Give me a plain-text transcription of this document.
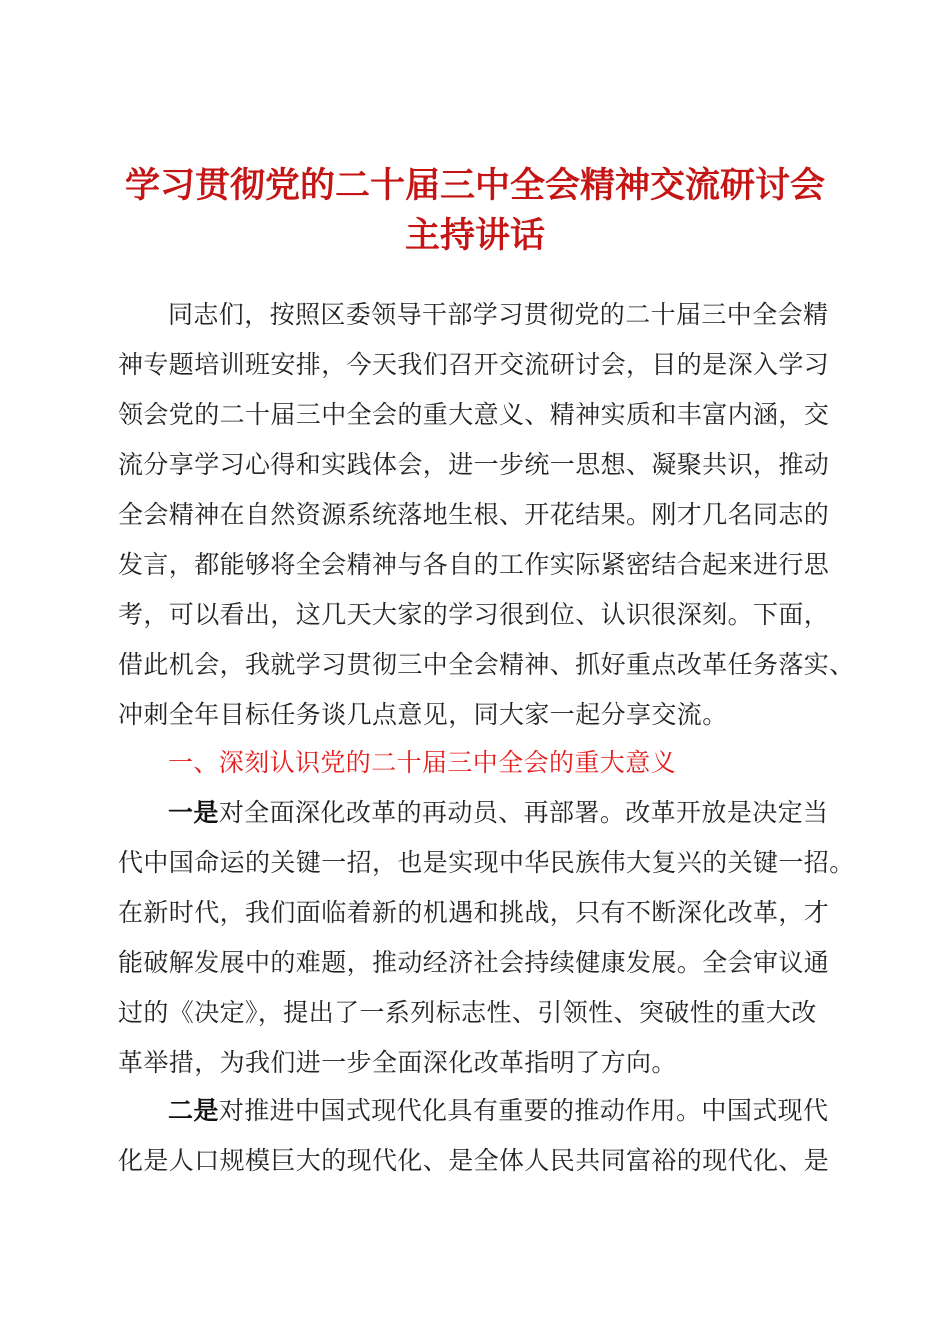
学习贯彻党的二十届三中全会精神交流研讨会
主持讲话
同志们，按照区委领导干部学习贯彻党的二十届三中全会精
神专题培训班安排，今天我们召开交流研讨会，目的是深入学习
领会党的二十届三中全会的重大意义、精神实质和丰富内涵，交
流分享学习心得和实践体会，进一步统一思想、凝聚共识，推动
全会精神在自然资源系统落地生根、开花结果。刚才几名同志的
发言，都能够将全会精神与各自的工作实际紧密结合起来进行思
考，可以看出，这几天大家的学习很到位、认识很深刻。下面，
借此机会，我就学习贯彻三中全会精神、抓好重点改革任务落实、
冲刺全年目标任务谈几点意见，同大家一起分享交流。
一、深刻认识党的二十届三中全会的重大意义
一是对全面深化改革的再动员、再部署。改革开放是决定当
代中国命运的关键一招，也是实现中华民族伟大复兴的关键一招。
在新时代，我们面临着新的机遇和挑战，只有不断深化改革，才
能破解发展中的难题，推动经济社会持续健康发展。全会审议通
过的《决定》，提出了一系列标志性、引领性、突破性的重大改
革举措，为我们进一步全面深化改革指明了方向。
二是对推进中国式现代化具有重要的推动作用。中国式现代
化是人口规模巨大的现代化、是全体人民共同富裕的现代化、是
